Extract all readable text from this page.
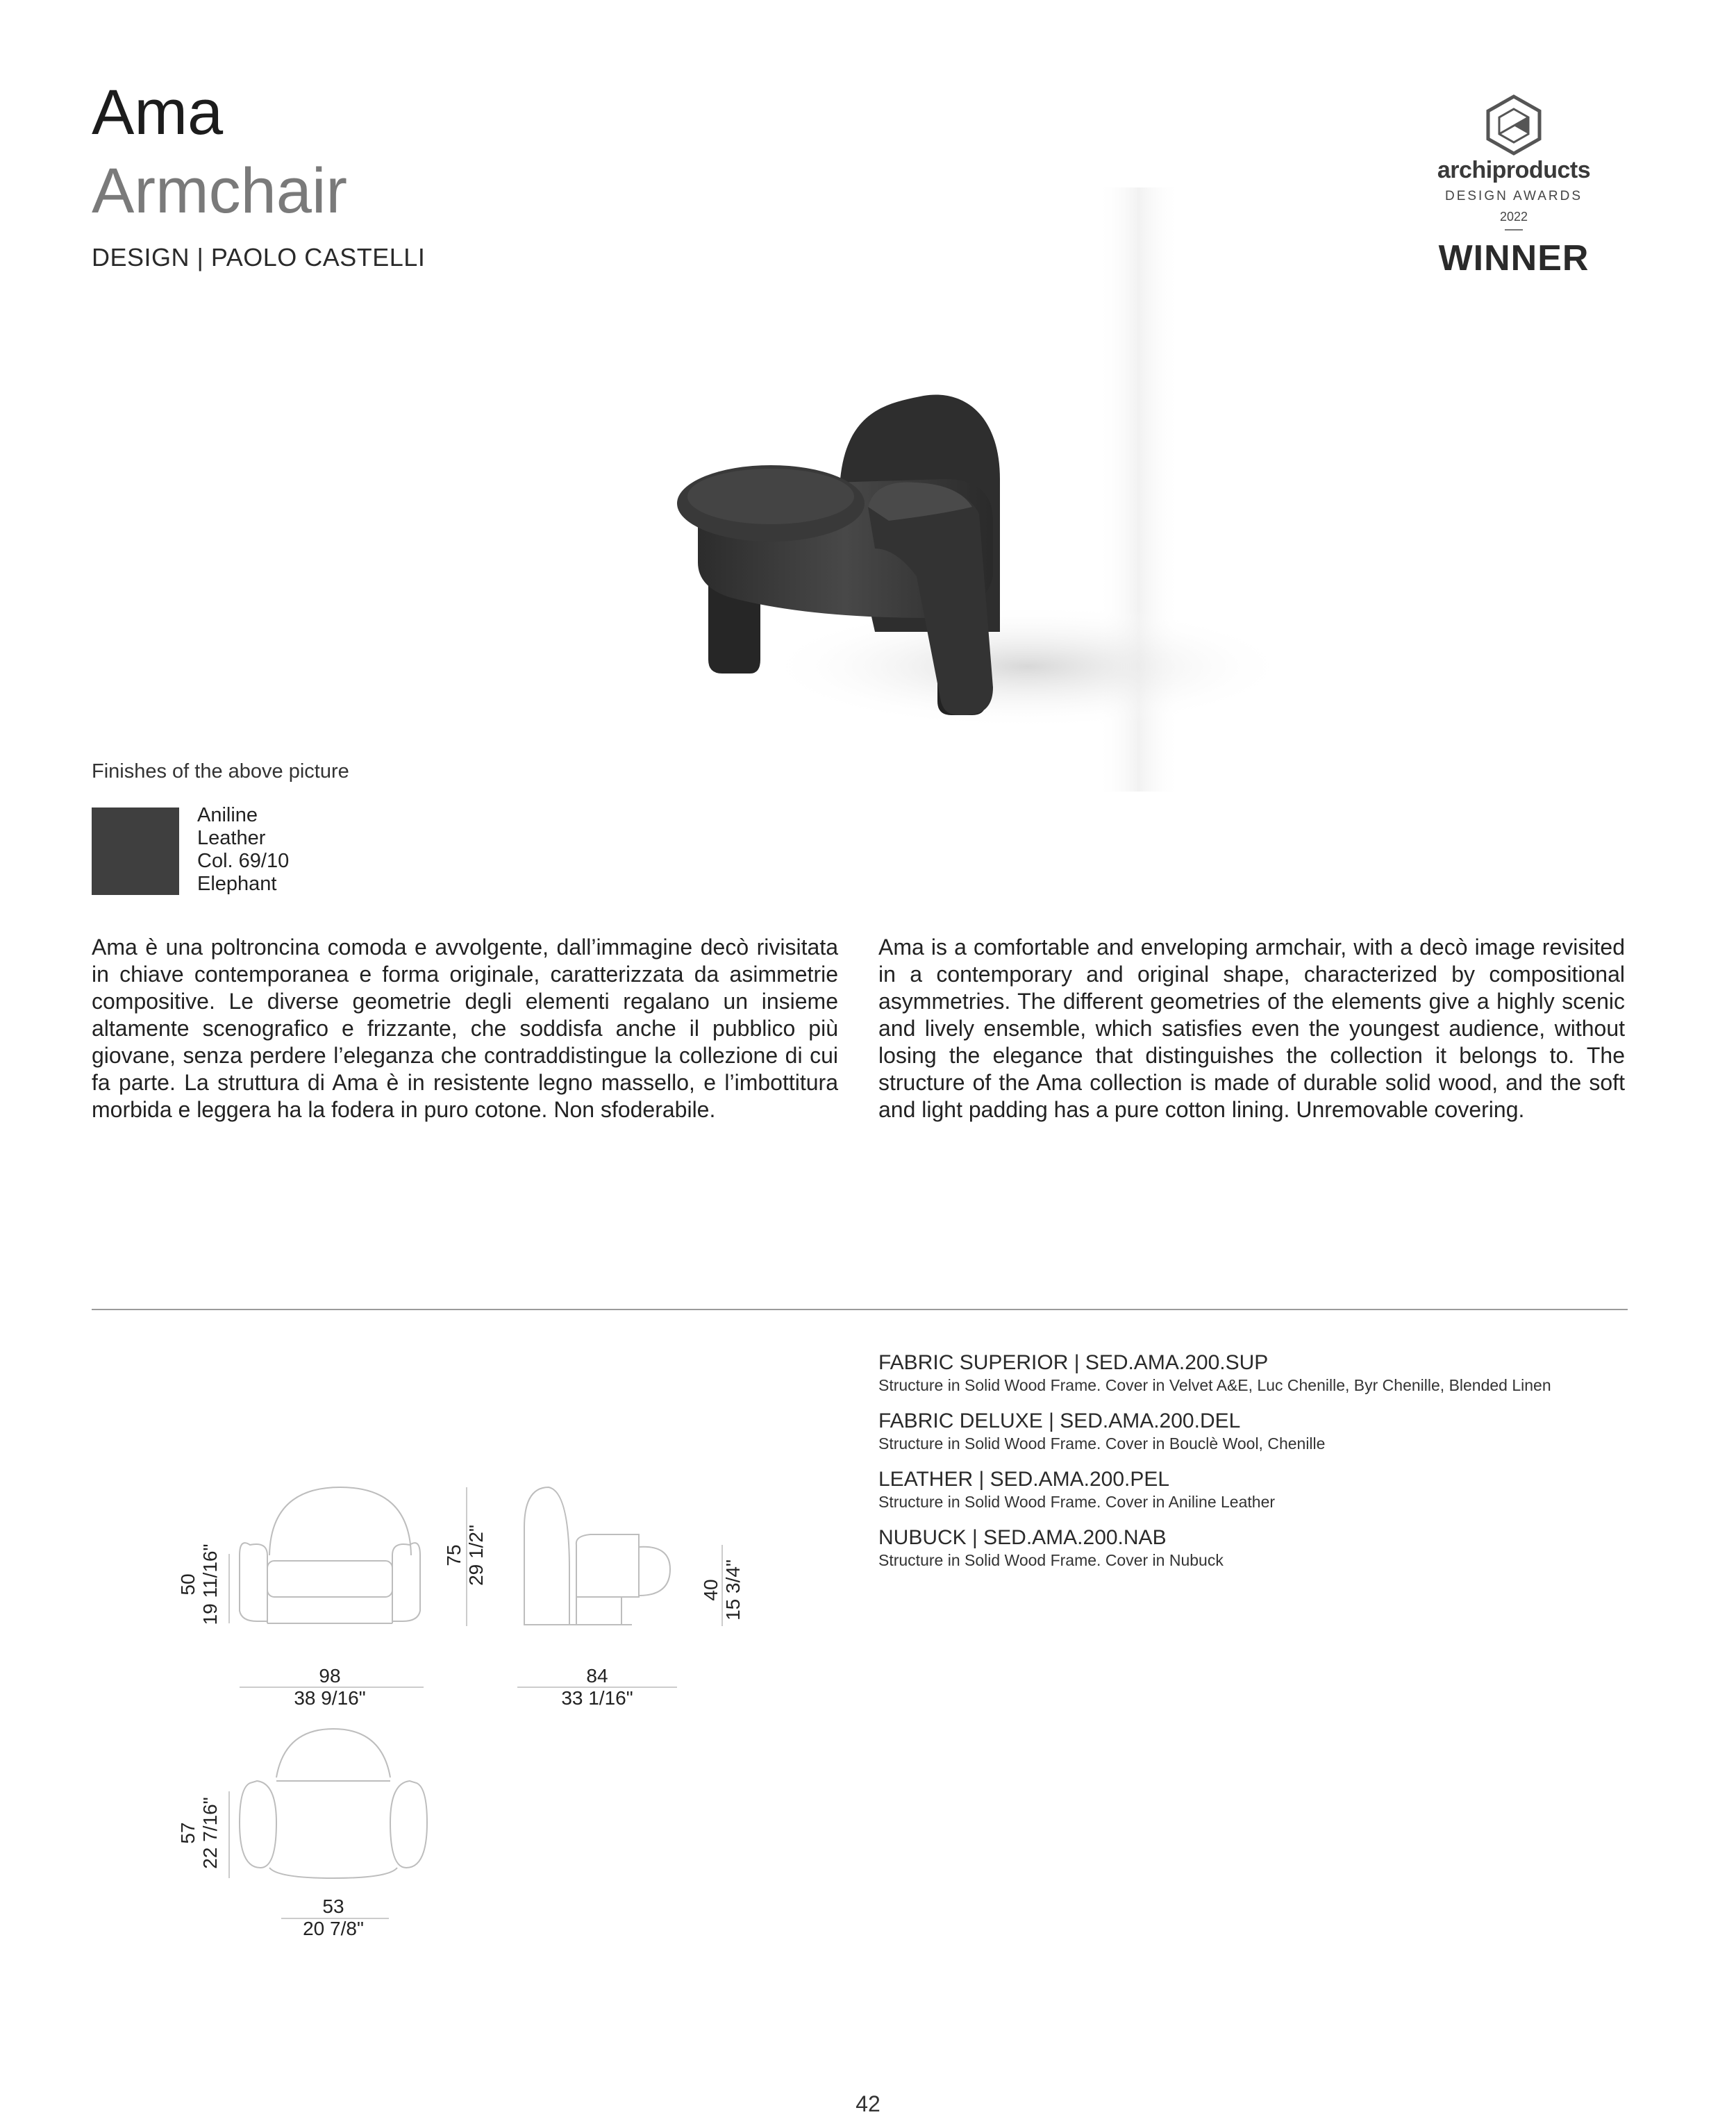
Ama
Armchair
DESIGN | PAOLO CASTELLI
archiproducts
DESIGN AWARDS
2022
WINNER
Finishes of the above picture
Aniline
Leather
Col. 69/10
Elephant
Ama è una poltroncina comoda e avvolgente, dall’immagine decò rivisitata in chiave contemporanea e forma originale, caratterizzata da asimmetrie compositive. Le diverse geometrie degli elementi regalano un insieme altamente scenografico e frizzante, che soddisfa anche il pubblico più giovane, senza perdere l’eleganza che contraddistingue la collezione di cui fa parte. La struttura di Ama è in resistente legno massello, e l’imbottitura morbida e leggera ha la fodera in puro cotone. Non sfoderabile.
Ama is a comfortable and enveloping armchair, with a decò image revisited in a contemporary and original shape, characterized by compositional asymmetries. The different geometries of the elements give a highly scenic and lively ensemble, which satisfies even the youngest audience, without losing the elegance that distinguishes the collection it belongs to. The structure of the Ama collection is made of durable solid wood, and the soft and light padding has a pure cotton lining. Unremovable covering.
FABRIC SUPERIOR | SED.AMA.200.SUP
Structure in Solid Wood Frame. Cover in Velvet A&E, Luc Chenille, Byr Chenille, Blended Linen
FABRIC DELUXE | SED.AMA.200.DEL
Structure in Solid Wood Frame. Cover in Bouclè Wool, Chenille
LEATHER | SED.AMA.200.PEL
Structure in Solid Wood Frame. Cover in Aniline Leather
NUBUCK | SED.AMA.200.NAB
Structure in Solid Wood Frame. Cover in Nubuck
50 19 11/16"
98
38 9/16"
75 29 1/2"
40 15 3/4"
84
33 1/16"
57 22 7/16"
53
20 7/8"
42
